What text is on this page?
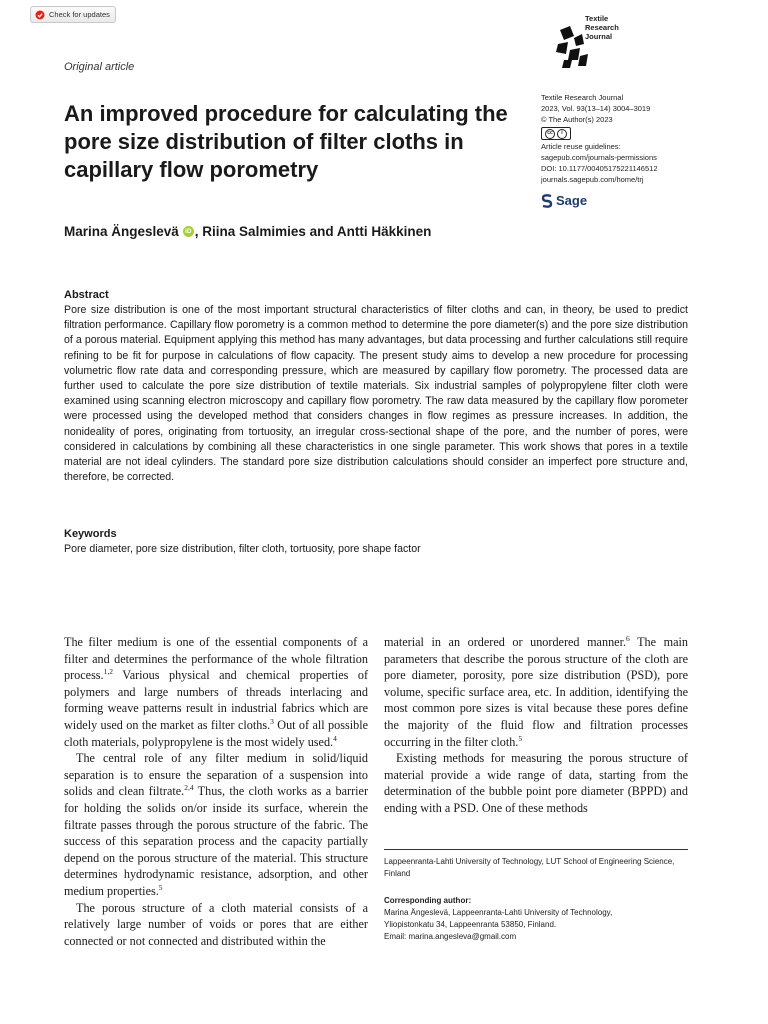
Check for updates	Textile
Research
Journal
Original article
An improved procedure for calculating the pore size distribution of filter cloths in capillary flow porometry
Textile Research Journal
2023, Vol. 93(13–14) 3004–3019
© The Author(s) 2023
cc	i
Article reuse guidelines:
sagepub.com/journals-permissions
DOI: 10.1177/00405175221146512
journals.sagepub.com/home/trj
Sage
Marina Ängeslevä iD , Riina Salmimies and Antti Häkkinen
Abstract

Pore size distribution is one of the most important structural characteristics of filter cloths and can, in theory, be used to predict filtration performance. Capillary flow porometry is a common method to determine the pore diameter(s) and the pore size distribution of a porous material. Equipment applying this method has many advantages, but data processing and further calculations still require refining to be fit for purpose in calculations of flow capacity. The present study aims to develop a new procedure for processing volumetric flow rate data and corresponding pressure, which are measured by capillary flow porometry. The processed data are further used to calculate the pore size distribution of textile materials. Six industrial samples of polypropylene filter cloth were examined using scanning electron microscopy and capillary flow porometry. The raw data measured by the capillary flow porometer were processed using the developed method that considers changes in flow regimes as pressure increases. In addition, the nonideality of pores, originating from tortuosity, an irregular cross-sectional shape of the pore, and the number of pores, were considered in calculations by combining all these characteristics in one single parameter. This work shows that pores in a textile material are not ideal cylinders. The standard pore size distribution calculations should consider an imperfect pore structure and, therefore, be corrected.

Keywords
Pore diameter, pore size distribution, filter cloth, tortuosity, pore shape factor

The filter medium is one of the essential components of a filter and determines the performance of the whole filtration process.$^{1,2}$ Various physical and chemical properties of polymers and large numbers of threads interlacing and forming weave patterns result in industrial fabrics which are widely used on the market as filter cloths.$^3$ Out of all possible cloth materials, polypropylene is the most widely used.$^4$

The central role of any filter medium in solid/liquid separation is to ensure the separation of a suspension into solids and clean filtrate.$^{2,4}$ Thus, the cloth works as a barrier for holding the solids on/or inside its surface, wherein the filtrate passes through the porous structure of the fabric. The success of this separation process and the capacity partially depend on the porous structure of the material. This structure determines hydrodynamic resistance, adsorption, and other medium properties.$^5$

The porous structure of a cloth material consists of a relatively large number of voids or pores that are either connected or not connected and distributed within the

material in an ordered or unordered manner.$^6$ The main parameters that describe the porous structure of the cloth are pore diameter, porosity, pore size distribution (PSD), pore volume, specific surface area, etc. In addition, identifying the most common pore sizes is vital because these pores define the majority of the fluid flow and filtration processes occurring in the filter cloth.$^5$

Existing methods for measuring the porous structure of material provide a wide range of data, starting from the determination of the bubble point pore diameter (BPPD) and ending with a PSD. One of these methods

Lappeenranta-Lahti University of Technology, LUT School of Engineering Science, Finland
Corresponding author:
Marina Ängeslevä, Lappeenranta-Lahti University of Technology,
Yliopistonkatu 34, Lappeenranta 53850, Finland.
Email: marina.angesleva@gmail.com
